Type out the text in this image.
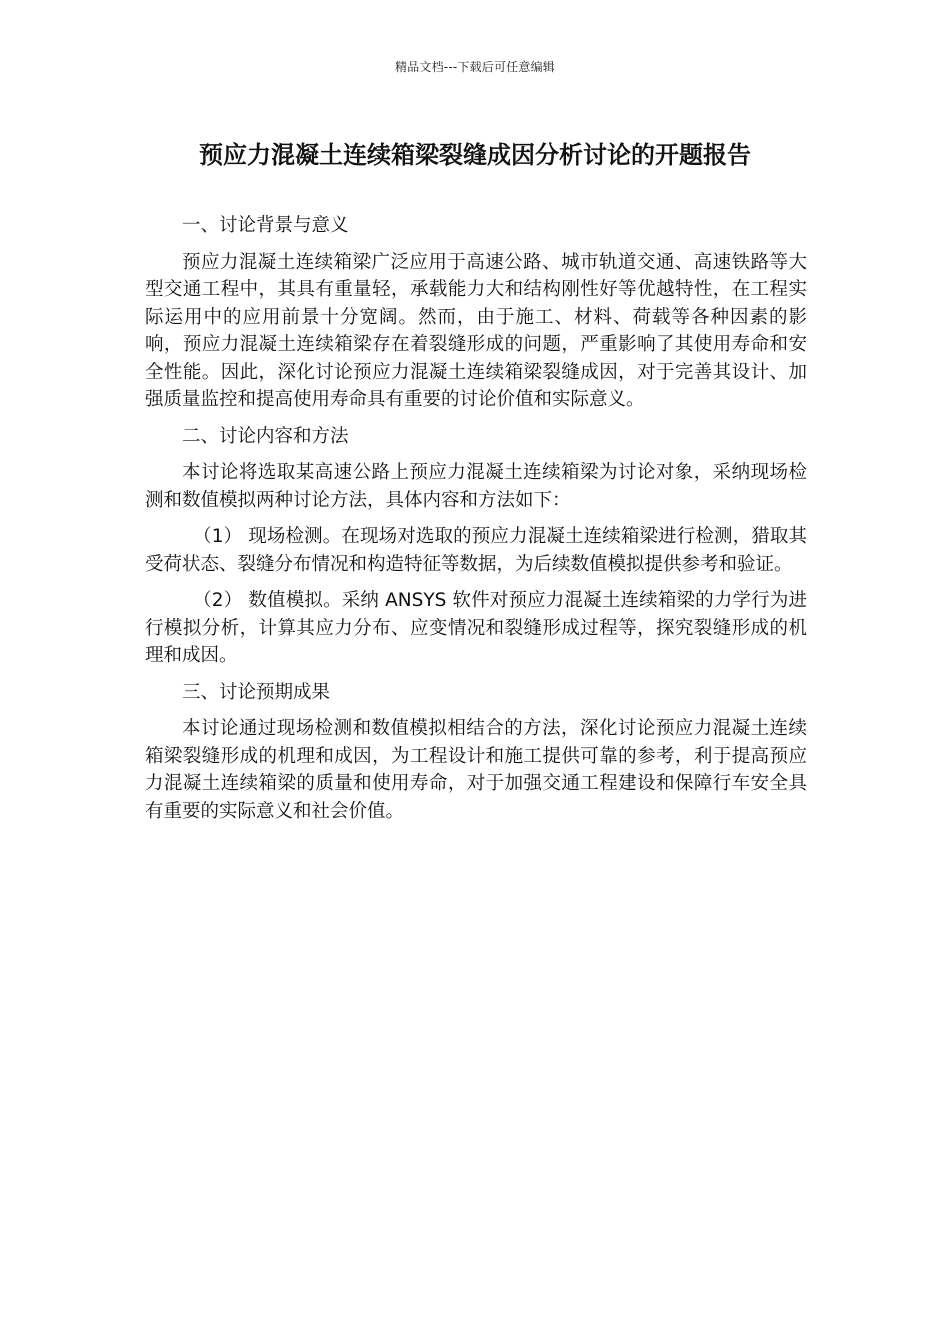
精品文档---下载后可任意编辑
预应力混凝土连续箱梁裂缝成因分析讨论的开题报告

一、讨论背景与意义

预应力混凝土连续箱梁广泛应用于高速公路、城市轨道交通、高速铁路等大型交通工程中，其具有重量轻，承载能力大和结构刚性好等优越特性，在工程实际运用中的应用前景十分宽阔。然而，由于施工、材料、荷载等各种因素的影响，预应力混凝土连续箱梁存在着裂缝形成的问题，严重影响了其使用寿命和安全性能。因此，深化讨论预应力混凝土连续箱梁裂缝成因，对于完善其设计、加强质量监控和提高使用寿命具有重要的讨论价值和实际意义。

二、讨论内容和方法

本讨论将选取某高速公路上预应力混凝土连续箱梁为讨论对象，采纳现场检测和数值模拟两种讨论方法，具体内容和方法如下：

（1） 现场检测。在现场对选取的预应力混凝土连续箱梁进行检测，猎取其受荷状态、裂缝分布情况和构造特征等数据，为后续数值模拟提供参考和验证。

（2） 数值模拟。采纳 ANSYS 软件对预应力混凝土连续箱梁的力学行为进行模拟分析，计算其应力分布、应变情况和裂缝形成过程等，探究裂缝形成的机理和成因。

三、讨论预期成果

本讨论通过现场检测和数值模拟相结合的方法，深化讨论预应力混凝土连续箱梁裂缝形成的机理和成因，为工程设计和施工提供可靠的参考，利于提高预应力混凝土连续箱梁的质量和使用寿命，对于加强交通工程建设和保障行车安全具有重要的实际意义和社会价值。
